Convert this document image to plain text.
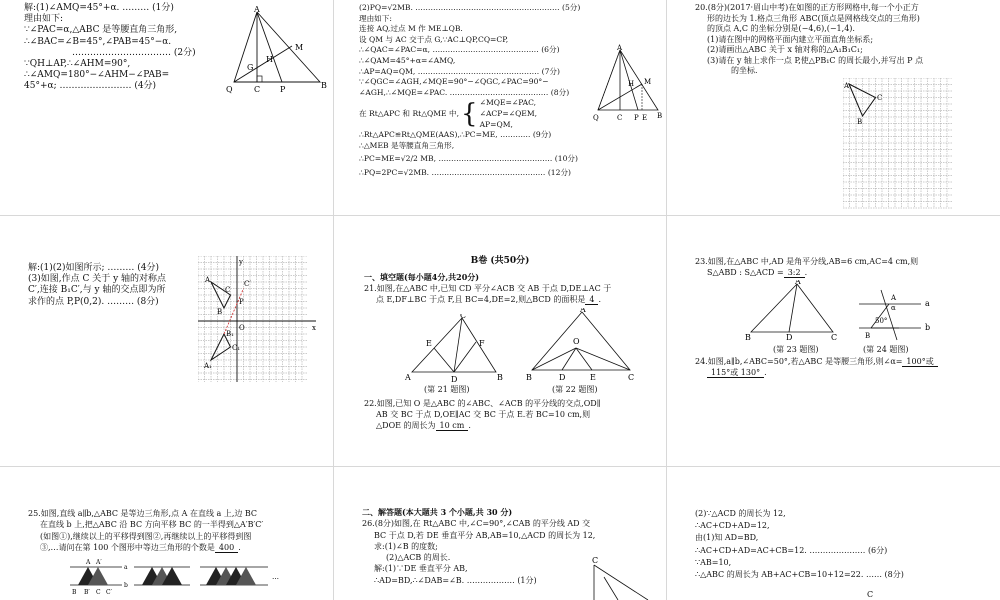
解:(1)∠AMQ=45°+α. ……… (1分)
理由如下:
∵∠PAC=α,△ABC 是等腰直角三角形,
∴∠BAC=∠B=45°,∠PAB=45°−α.
…………………………… (2分)
∵QH⊥AP,∴∠AHM=90°,
∴∠AMQ=180°−∠AHM−∠PAB=
45°+α; …………………… (4分)
A
G
H
M
Q	C P	B
(2)PQ=√2MB. ………………………………………………… (5分)
理由如下:
连接 AQ,过点 M 作 ME⊥QB.
设 QM 与 AC 交于点 G,∵AC⊥QP,CQ=CP,
∴∠QAC=∠PAC=α, …………………………………… (6分)
∴∠QAM=45°+α=∠AMQ,
∴AP=AQ=QM, ………………………………………… (7分)
∵∠QGC=∠AGH,∠MQE=90°−∠QGC,∠PAC=90°−
∠AGH,∴∠MQE=∠PAC. ………………………………… (8分)
在 Rt△APC 和 Rt△QME 中, { ∠MQE=∠PAC,
∠ACP=∠QEM,
AP=QM,
∴Rt△APC≌Rt△QME(AAS),∴PC=ME, ………… (9分)
∴△MEB 是等腰直角三角形,
∴PC=ME=√2/2 MB, ……………………………………… (10分)
∴PQ=2PC=√2MB. ……………………………………… (12分)
A
H M
Q	C P E B
20.(8分)(2017·眉山中考)在如图的正方形网格中,每一个小正方
形的边长为 1.格点三角形 ABC(顶点是网格线交点的三角形)
的顶点 A,C 的坐标分别是(−4,6),(−1,4).
(1)请在图中的网格平面内建立平面直角坐标系;
(2)请画出△ABC 关于 x 轴对称的△A₁B₁C₁;
(3)请在 y 轴上求作一点 P,使△PB₁C 的周长最小,并写出 P 点
的坐标.
A
B
C
解:(1)(2)如图所示; ……… (4分)
(3)如图,作点 C 关于 y 轴的对称点
C′,连接 B₁C′,与 y 轴的交点即为所
求作的点 P,P(0,2). ……… (8分)
y
x
O
A
B
C
P
C′
B₁
A₁
C₁
B卷 (共50分)
一、填空题(每小题4分,共20分)
21.如图,在△ABC 中,已知 CD 平分∠ACB 交 AB 于点 D,DE⊥AC 于
点 E,DF⊥BC 于点 F,且 BC=4,DE=2,则△BCD 的面积是 4 .
C
E	F
A	D	B
(第 21 题图)
A
O
B	D	E	C
(第 22 题图)
22.如图,已知 O 是△ABC 的∠ABC、∠ACB 的平分线的交点,OD∥
AB 交 BC 于点 D,OE∥AC 交 BC 于点 E.若 BC=10 cm,则
△DOE 的周长为 10 cm .
23.如图,在△ABC 中,AD 是角平分线,AB=6 cm,AC=4 cm,则
S△ABD : S△ACD = 3:2 .
A
B	D	C
(第 23 题图)
a
b
50°
A
B
α
(第 24 题图)
24.如图,a∥b,∠ABC=50°,若△ABC 是等腰三角形,则∠α= 100°或
115°或 130° .
25.如图,直线 a∥b,△ABC 是等边三角形,点 A 在直线 a 上,边 BC
在直线 b 上,把△ABC 沿 BC 方向平移 BC 的一半得到△A′B′C′
(如图①),继续以上的平移得到图②,再继续以上的平移得到图
③,…请问在第 100 个图形中等边三角形的个数是 400 .
A A′
a
B B′ C C′
b
…
二、解答题(本大题共 3 个小题,共 30 分)
26.(8分)如图,在 Rt△ABC 中,∠C=90°,∠CAB 的平分线 AD 交
BC 于点 D,若 DE 垂直平分 AB,AB=10,△ACD 的周长为 12,
求:(1)∠B 的度数;
(2)△ACB 的周长.
解:(1)∵DE 垂直平分 AB,
∴AD=BD,∴∠DAB=∠B. ……………… (1分)
C
(2)∵△ACD 的周长为 12,
∴AC+CD+AD=12,
由(1)知 AD=BD,
∴AC+CD+AD=AC+CB=12. ………………… (6分)
∵AB=10,
∴△ABC 的周长为 AB+AC+CB=10+12=22. …… (8分)
C
